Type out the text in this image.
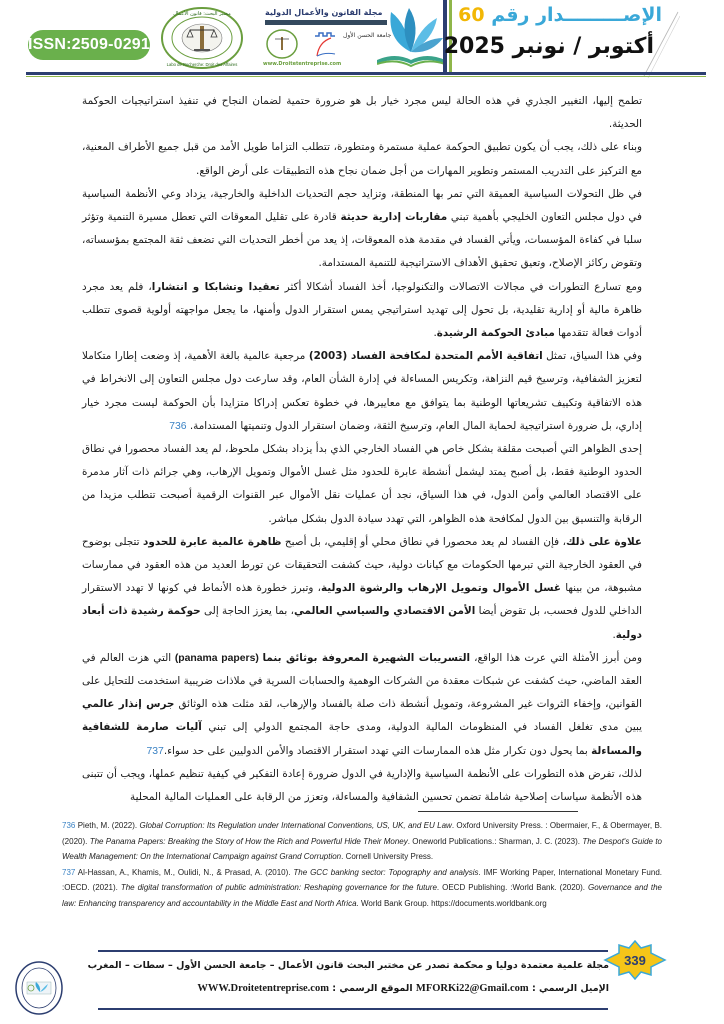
ISSN:2509-0291
مختبر البحث: قانون الأعمال
Labo de Recherche: Droit des Affaires
مجلة القانون والأعمال الدولية
جامعة الحسن الأول
www.Droitetentreprise.com
الإصـــــــــدار رقم 60
أكتوبر / نونبر 2025

تطمح إليها، التغيير الجذري في هذه الحالة ليس مجرد خيار بل هو ضرورة حتمية لضمان النجاح في تنفيذ استراتيجيات الحوكمة الحديثة.

وبناء على ذلك، يجب أن يكون تطبيق الحوكمة عملية مستمرة ومتطورة، تتطلب التزاما طويل الأمد من قبل جميع الأطراف المعنية، مع التركيز على التدريب المستمر وتطوير المهارات من أجل ضمان نجاح هذه التطبيقات على أرض الواقع.

في ظل التحولات السياسية العميقة التي تمر بها المنطقة، وتزايد حجم التحديات الداخلية والخارجية، يزداد وعي الأنظمة السياسية في دول مجلس التعاون الخليجي بأهمية تبني مقاربات إدارية حديثة قادرة على تقليل المعوقات التي تعطل مسيرة التنمية وتؤثر سلبا في كفاءة المؤسسات، ويأتي الفساد في مقدمة هذه المعوقات، إذ يعد من أخطر التحديات التي تضعف ثقة المجتمع بمؤسساته، وتقوض ركائز الإصلاح، وتعيق تحقيق الأهداف الاستراتيجية للتنمية المستدامة.

ومع تسارع التطورات في مجالات الاتصالات والتكنولوجيا، أخذ الفساد أشكالا أكثر تعقيدا وتشابكا و انتشارا، فلم يعد مجرد ظاهرة مالية أو إدارية تقليدية، بل تحول إلى تهديد استراتيجي يمس استقرار الدول وأمنها، ما يجعل مواجهته أولوية قصوى تتطلب أدوات فعالة تتقدمها مبادئ الحوكمة الرشيدة.

وفي هذا السياق، تمثل اتفاقية الأمم المتحدة لمكافحة الفساد (2003) مرجعية عالمية بالغة الأهمية، إذ وضعت إطارا متكاملا لتعزيز الشفافية، وترسيخ قيم النزاهة، وتكريس المساءلة في إدارة الشأن العام، وقد سارعت دول مجلس التعاون إلى الانخراط في هذه الاتفاقية وتكييف تشريعاتها الوطنية بما يتوافق مع معاييرها، في خطوة تعكس إدراكا متزايدا بأن الحوكمة ليست مجرد خيار إداري، بل ضرورة استراتيجية لحماية المال العام، وترسيخ الثقة، وضمان استقرار الدول وتنميتها المستدامة. 736

إحدى الظواهر التي أصبحت مقلقة بشكل خاص هي الفساد الخارجي الذي بدأ يزداد بشكل ملحوظ، لم يعد الفساد محصورا في نطاق الحدود الوطنية فقط، بل أصبح يمتد ليشمل أنشطة عابرة للحدود مثل غسل الأموال وتمويل الإرهاب، وهي جرائم ذات آثار مدمرة على الاقتصاد العالمي وأمن الدول، في هذا السياق، نجد أن عمليات نقل الأموال عبر القنوات الرقمية أصبحت تتطلب مزيدا من الرقابة والتنسيق بين الدول لمكافحة هذه الظواهر، التي تهدد سيادة الدول بشكل مباشر.

علاوة على ذلك، فإن الفساد لم يعد محصورا في نطاق محلي أو إقليمي، بل أصبح ظاهرة عالمية عابرة للحدود تتجلى بوضوح في العقود الخارجية التي تبرمها الحكومات مع كيانات دولية، حيث كشفت التحقيقات عن تورط العديد من هذه العقود في ممارسات مشبوهة، من بينها غسل الأموال وتمويل الإرهاب والرشوة الدولية، وتبرز خطورة هذه الأنماط في كونها لا تهدد الاستقرار الداخلي للدول فحسب، بل تقوض أيضا الأمن الاقتصادي والسياسي العالمي، بما يعزز الحاجة إلى حوكمة رشيدة ذات أبعاد دولية.

ومن أبرز الأمثلة التي عرت هذا الواقع، التسريبات الشهيرة المعروفة بوثائق بنما (panama papers) التي هزت العالم في العقد الماضي، حيث كشفت عن شبكات معقدة من الشركات الوهمية والحسابات السرية في ملاذات ضريبية استخدمت للتحايل على القوانين، وإخفاء الثروات غير المشروعة، وتمويل أنشطة ذات صلة بالفساد والإرهاب، لقد مثلت هذه الوثائق جرس إنذار عالمي يبين مدى تغلغل الفساد في المنظومات المالية الدولية، ومدى حاجة المجتمع الدولي إلى تبني آليات صارمة للشفافية والمساءلة بما يحول دون تكرار مثل هذه الممارسات التي تهدد استقرار الاقتصاد والأمن الدوليين على حد سواء.737

لذلك، تفرض هذه التطورات على الأنظمة السياسية والإدارية في الدول ضرورة إعادة التفكير في كيفية تنظيم عملها، ويجب أن تتبنى هذه الأنظمة سياسات إصلاحية شاملة تضمن تحسين الشفافية والمساءلة، وتعزز من الرقابة على العمليات المالية المحلية

736 Pieth, M. (2022). Global Corruption: Its Regulation under International Conventions, US, UK, and EU Law. Oxford University Press. : Obermaier, F., & Obermayer, B. (2020). The Panama Papers: Breaking the Story of How the Rich and Powerful Hide Their Money. Oneworld Publications.: Sharman, J. C. (2023). The Despot's Guide to Wealth Management: On the International Campaign against Grand Corruption. Cornell University Press.

737 Al-Hassan, A., Khamis, M., Oulidi, N., & Prasad, A. (2010). The GCC banking sector: Topography and analysis. IMF Working Paper, International Monetary Fund. :OECD. (2021). The digital transformation of public administration: Reshaping governance for the future. OECD Publishing. :World Bank. (2020). Governance and the law: Enhancing transparency and accountability in the Middle East and North Africa. World Bank Group. https://documents.worldbank.org

مجلة علمية معتمدة دوليا و محكمة تصدر عن مختبر البحث قانون الأعمال – جامعة الحسن الأول – سطات – المغرب
الإميل الرسمي : MFORKi22@Gmail.com الموقع الرسمي : WWW.Droitetentreprise.com
339
